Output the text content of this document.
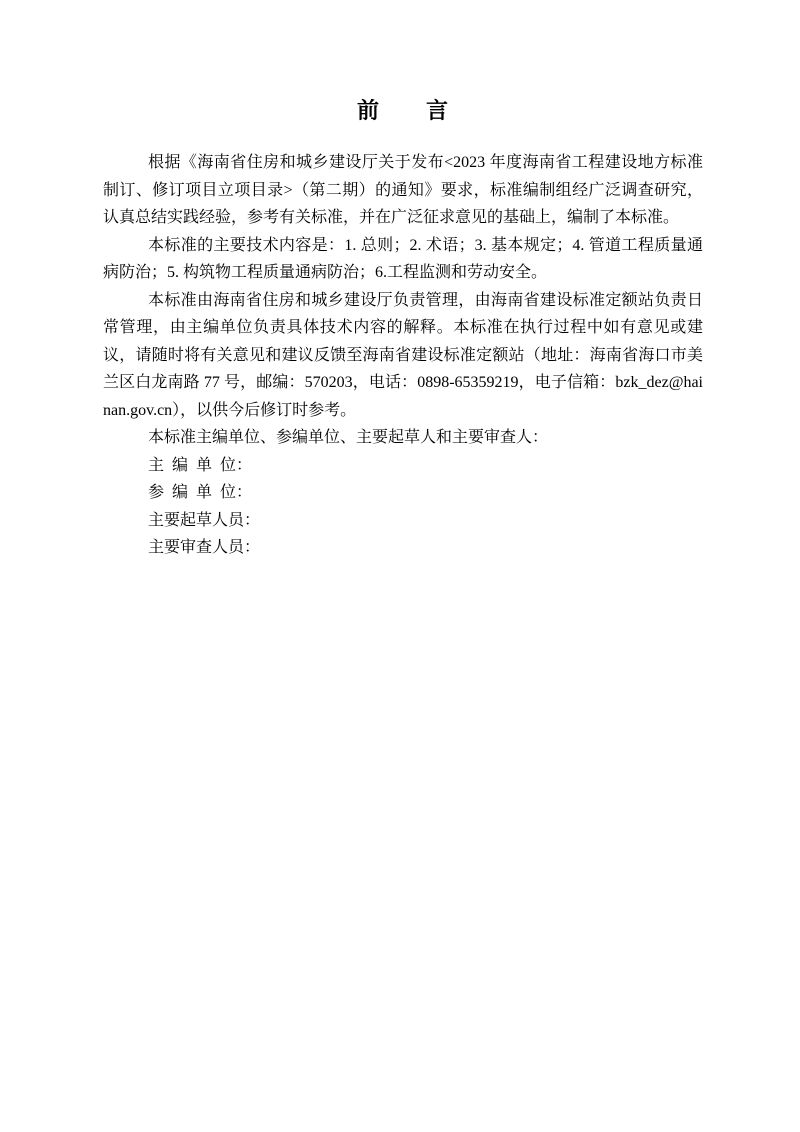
前　　言

根据《海南省住房和城乡建设厅关于发布<2023 年度海南省工程建设地方标准制订、修订项目立项目录>（第二期）的通知》要求，标准编制组经广泛调查研究，认真总结实践经验，参考有关标准，并在广泛征求意见的基础上，编制了本标准。

本标准的主要技术内容是：1. 总则；2. 术语；3. 基本规定；4. 管道工程质量通病防治；5. 构筑物工程质量通病防治；6.工程监测和劳动安全。

本标准由海南省住房和城乡建设厅负责管理，由海南省建设标准定额站负责日常管理，由主编单位负责具体技术内容的解释。本标准在执行过程中如有意见或建议，请随时将有关意见和建议反馈至海南省建设标准定额站（地址：海南省海口市美兰区白龙南路 77 号，邮编：570203，电话：0898-65359219，电子信箱：bzk_dez@hainan.gov.cn），以供今后修订时参考。

本标准主编单位、参编单位、主要起草人和主要审查人：

主  编  单  位：

参  编  单  位：

主要起草人员：

主要审查人员：
